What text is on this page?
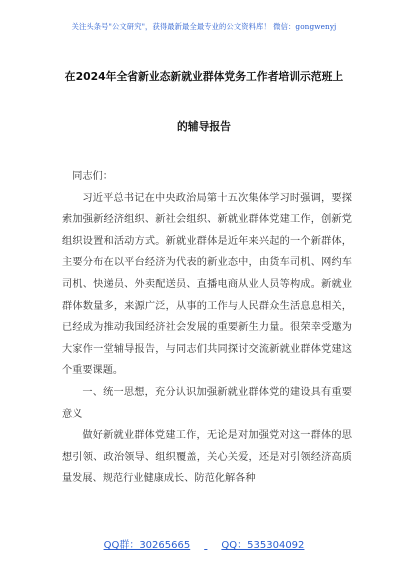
关注头条号"公文研究"，获得最新最全最专业的公文资料库！ 微信：gongwenyj
在2024年全省新业态新就业群体党务工作者培训示范班上
的辅导报告

同志们：

习近平总书记在中央政治局第十五次集体学习时强调，要探索加强新经济组织、新社会组织、新就业群体党建工作，创新党组织设置和活动方式。新就业群体是近年来兴起的一个新群体，主要分布在以平台经济为代表的新业态中，由货车司机、网约车司机、快递员、外卖配送员、直播电商从业人员等构成。新就业群体数量多，来源广泛，从事的工作与人民群众生活息息相关，已经成为推动我国经济社会发展的重要新生力量。很荣幸受邀为大家作一堂辅导报告，与同志们共同探讨交流新就业群体党建这个重要课题。

一、统一思想，充分认识加强新就业群体党的建设具有重要意义

做好新就业群体党建工作，无论是对加强党对这一群体的思想引领、政治领导、组织覆盖，关心关爱，还是对引领经济高质量发展、规范行业健康成长、防范化解各种

QQ群：30265665	QQ：535304092
